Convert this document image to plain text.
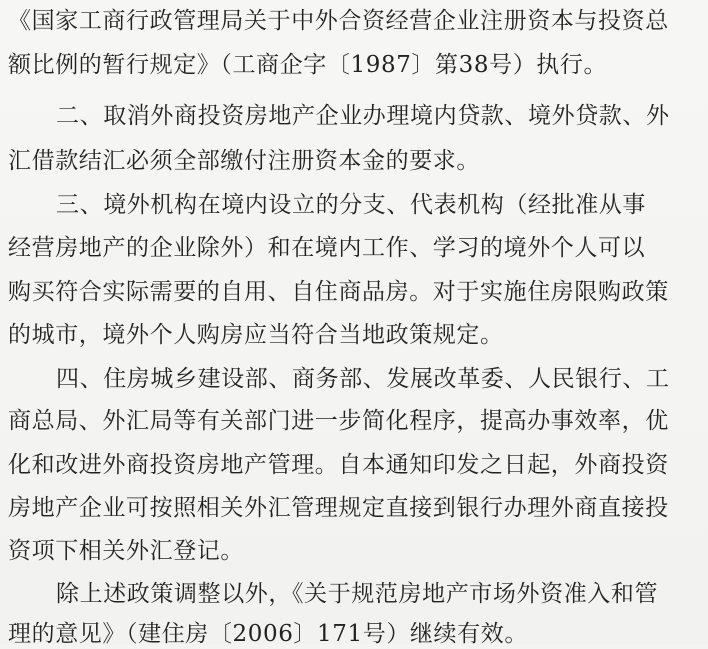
《国家工商行政管理局关于中外合资经营企业注册资本与投资总
额比例的暂行规定》（工商企字〔1987〕第38号）执行。
二、取消外商投资房地产企业办理境内贷款、境外贷款、外
汇借款结汇必须全部缴付注册资本金的要求。
三、境外机构在境内设立的分支、代表机构（经批准从事
经营房地产的企业除外）和在境内工作、学习的境外个人可以
购买符合实际需要的自用、自住商品房。对于实施住房限购政策
的城市，境外个人购房应当符合当地政策规定。
四、住房城乡建设部、商务部、发展改革委、人民银行、工
商总局、外汇局等有关部门进一步简化程序，提高办事效率，优
化和改进外商投资房地产管理。自本通知印发之日起，外商投资
房地产企业可按照相关外汇管理规定直接到银行办理外商直接投
资项下相关外汇登记。
除上述政策调整以外，《关于规范房地产市场外资准入和管
理的意见》（建住房〔2006〕171号）继续有效。
